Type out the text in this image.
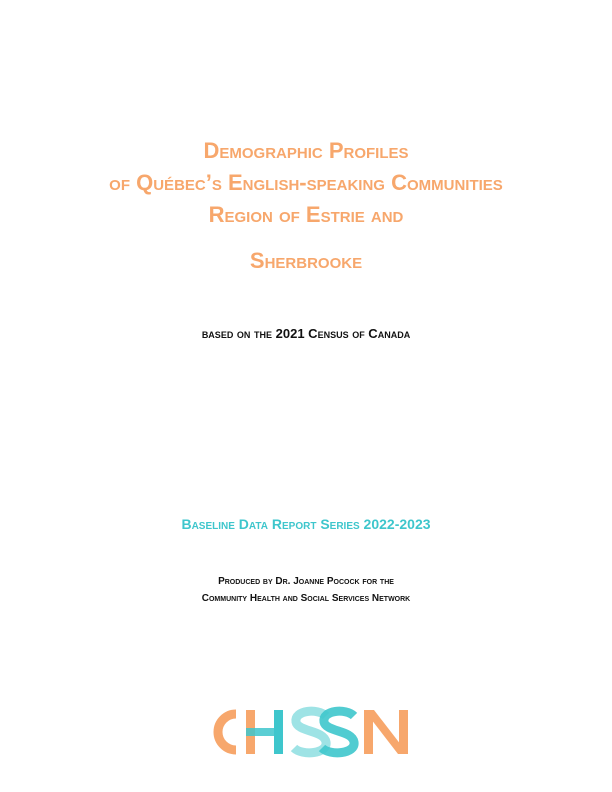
Demographic Profiles
of Québec’s English-speaking Communities
Region of Estrie and
Sherbrooke
based on the 2021 Census of Canada
Baseline Data Report Series 2022-2023
Produced by Dr. Joanne Pocock for the
Community Health and Social Services Network
